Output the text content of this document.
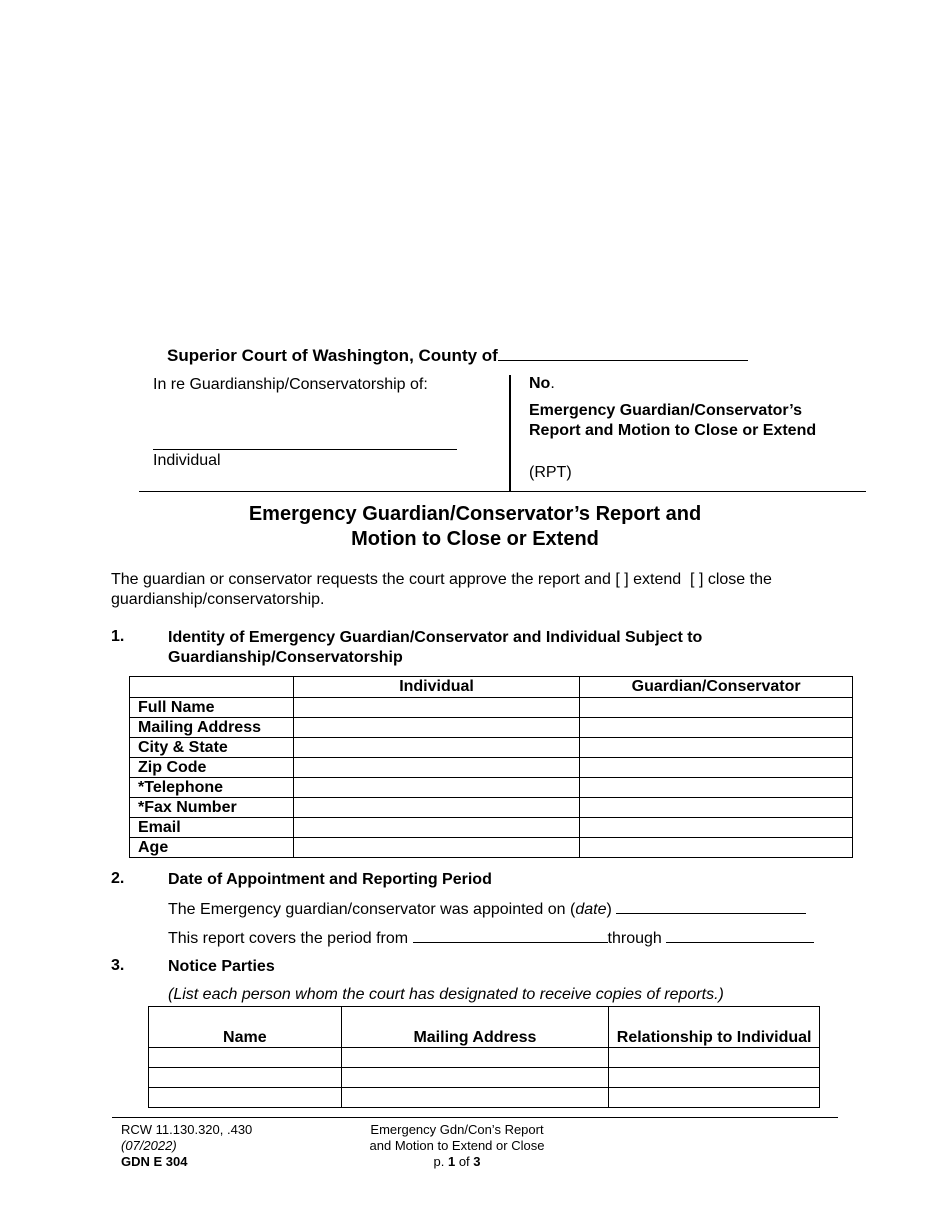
Superior Court of Washington, County of
In re Guardianship/Conservatorship of:
Individual
No.
Emergency Guardian/Conservator’s Report and Motion to Close or Extend
(RPT)
Emergency Guardian/Conservator’s Report and
Motion to Close or Extend
The guardian or conservator requests the court approve the report and [ ] extend [ ] close the guardianship/conservatorship.
1.	Identity of Emergency Guardian/Conservator and Individual Subject to Guardianship/Conservatorship
	Individual	Guardian/Conservator
Full Name		
Mailing Address		
City & State		
Zip Code		
*Telephone		
*Fax Number		
Email		
Age		
2.	Date of Appointment and Reporting Period
The Emergency guardian/conservator was appointed on (date)
This report covers the period from	through
3.	Notice Parties
(List each person whom the court has designated to receive copies of reports.)
Name	Mailing Address	Relationship to Individual

RCW 11.130.320, .430
(07/2022)
GDN E 304
Emergency Gdn/Con’s Report
and Motion to Extend or Close
p. 1 of 3
